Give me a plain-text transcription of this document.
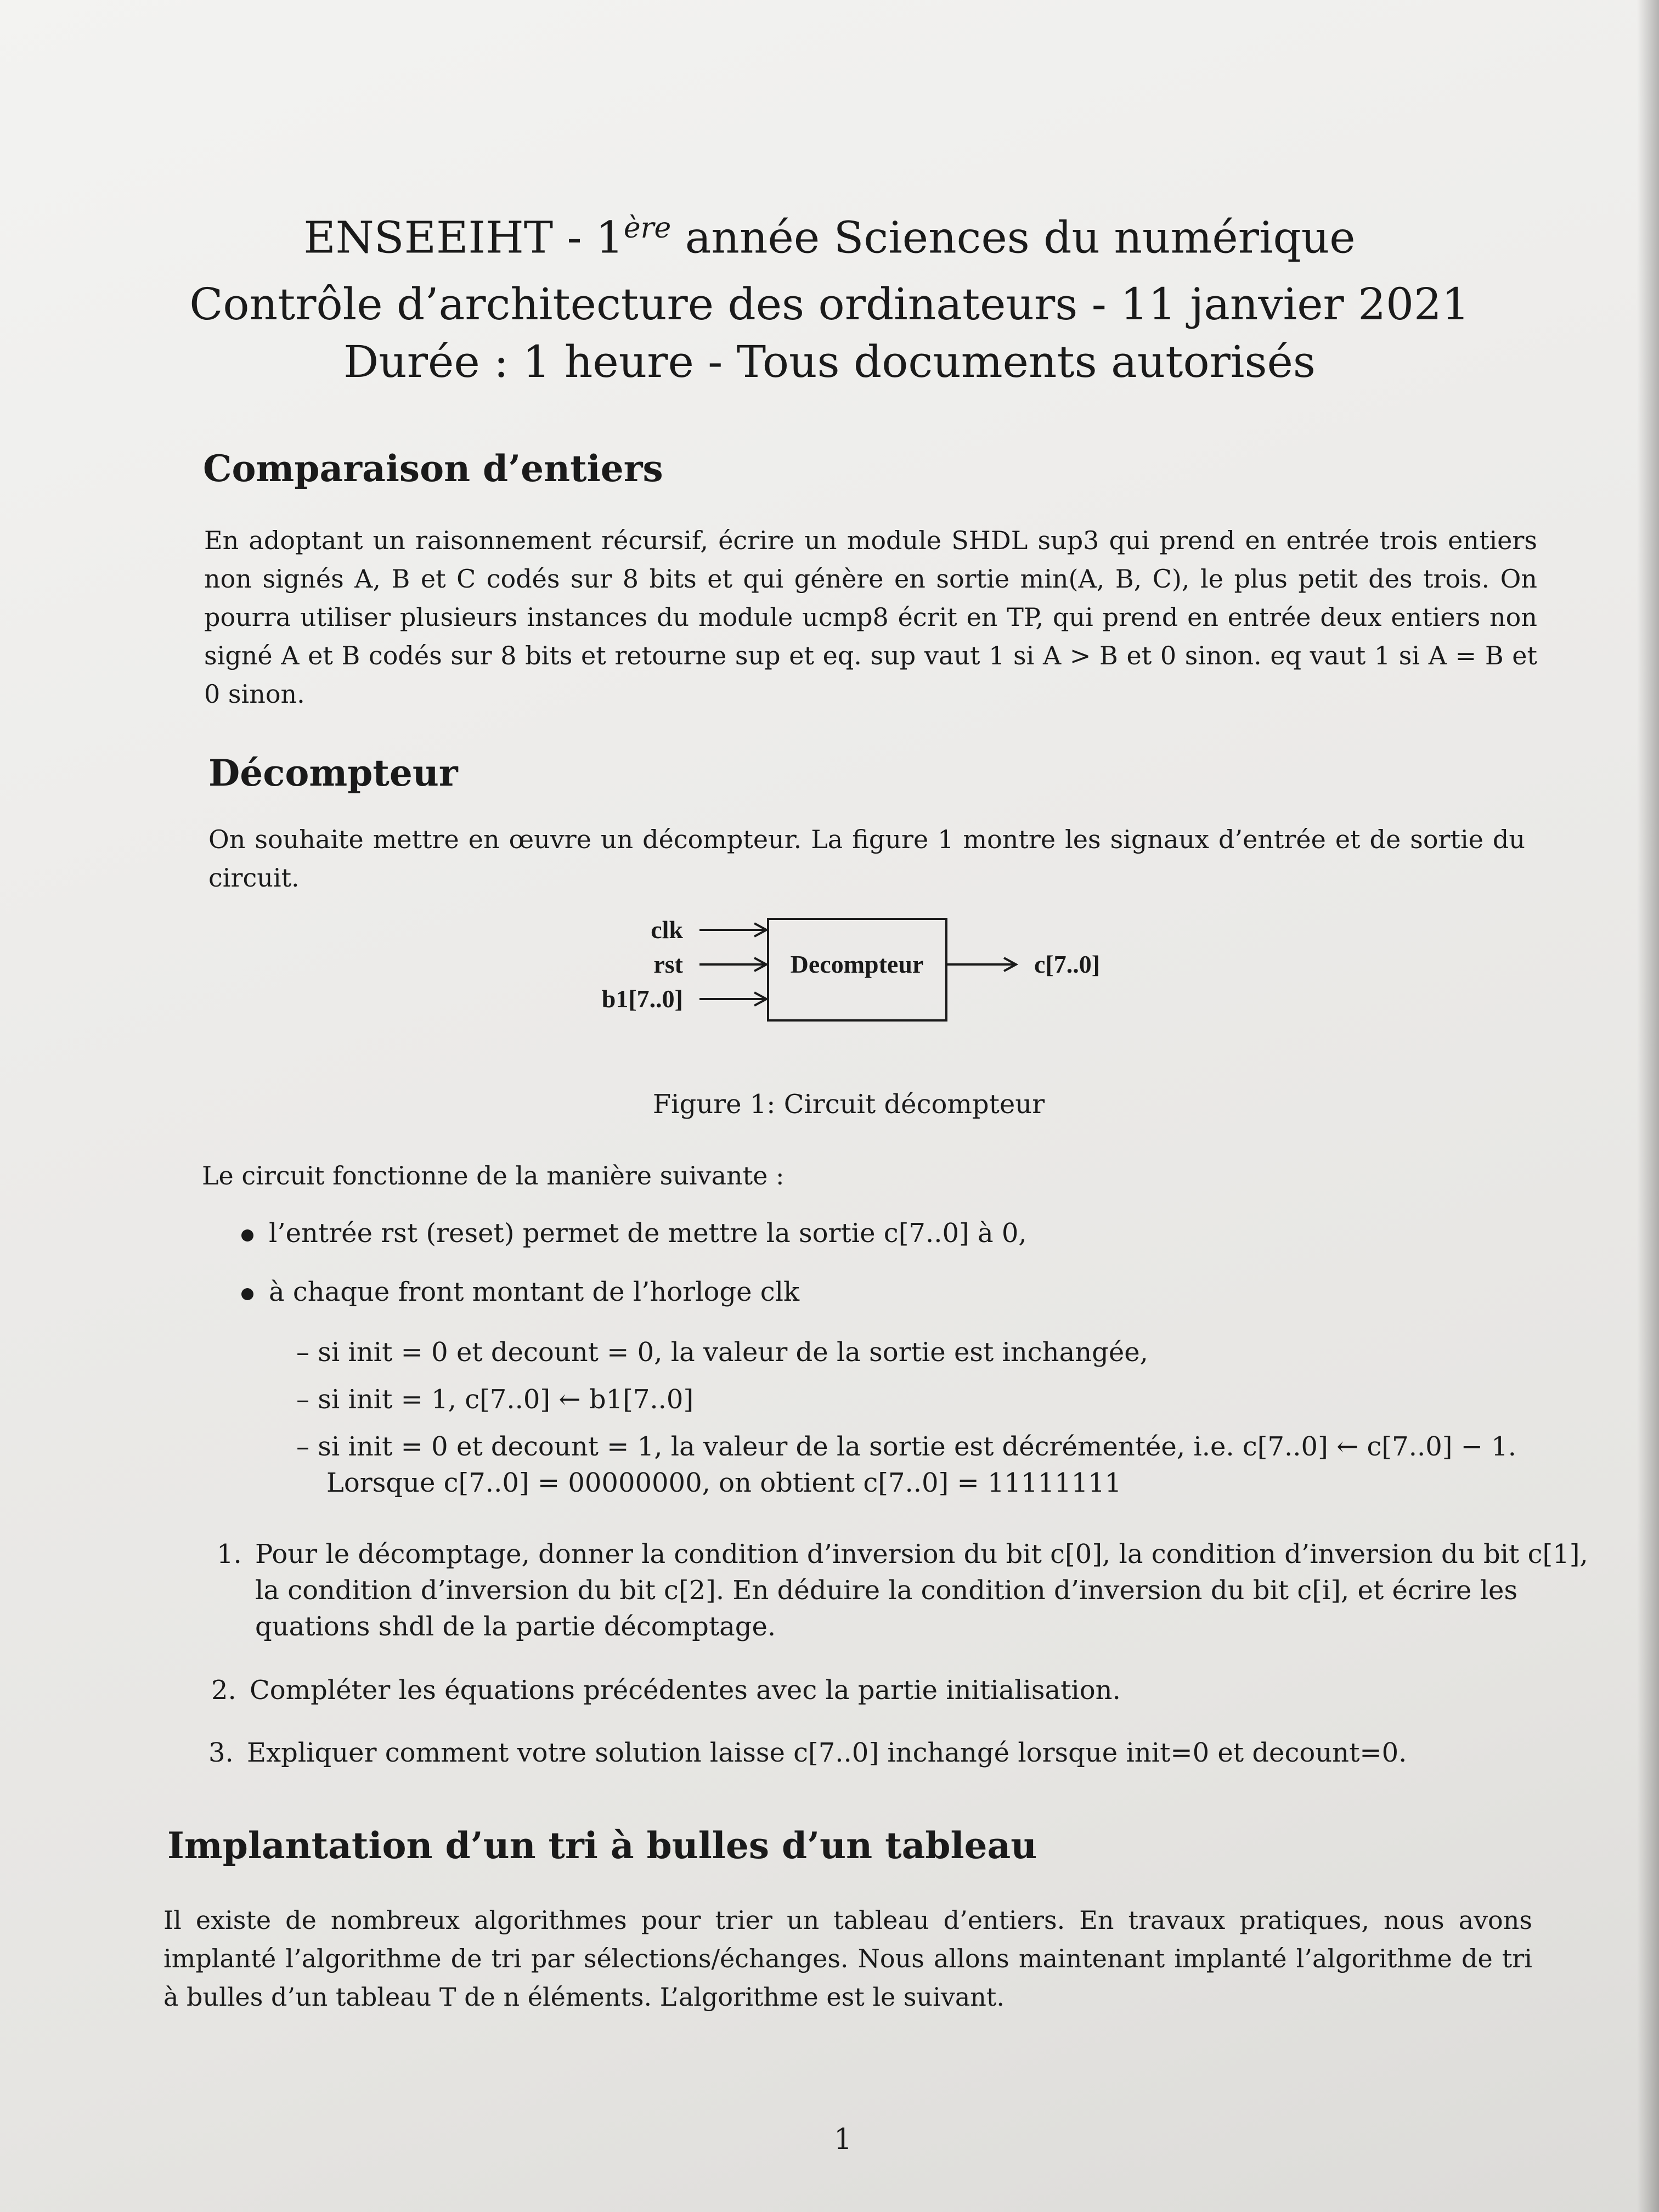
ENSEEIHT - 1ère année Sciences du numérique
Contrôle d’architecture des ordinateurs - 11 janvier 2021
Durée : 1 heure - Tous documents autorisés
Comparaison d’entiers
En adoptant un raisonnement récursif, écrire un module SHDL sup3 qui prend en entrée trois entiers non signés A, B et C codés sur 8 bits et qui génère en sortie min(A, B, C), le plus petit des trois. On pourra utiliser plusieurs instances du module ucmp8 écrit en TP, qui prend en entrée deux entiers non signé A et B codés sur 8 bits et retourne sup et eq. sup vaut 1 si A > B et 0 sinon. eq vaut 1 si A = B et 0 sinon.
Décompteur
On souhaite mettre en œuvre un décompteur. La figure 1 montre les signaux d’entrée et de sortie du circuit.
clk
rst
b1[7..0]
Decompteur	c[7..0]
Figure 1: Circuit décompteur
Le circuit fonctionne de la manière suivante :
l’entrée rst (reset) permet de mettre la sortie c[7..0] à 0,
à chaque front montant de l’horloge clk
– si init = 0 et decount = 0, la valeur de la sortie est inchangée,
– si init = 1, c[7..0] ← b1[7..0]
– si init = 0 et decount = 1, la valeur de la sortie est décrémentée, i.e. c[7..0] ← c[7..0] − 1.
Lorsque c[7..0] = 00000000, on obtient c[7..0] = 11111111
1. Pour le décomptage, donner la condition d’inversion du bit c[0], la condition d’inversion du bit c[1],
la condition d’inversion du bit c[2]. En déduire la condition d’inversion du bit c[i], et écrire les
quations shdl de la partie décomptage.
2. Compléter les équations précédentes avec la partie initialisation.
3. Expliquer comment votre solution laisse c[7..0] inchangé lorsque init=0 et decount=0.
Implantation d’un tri à bulles d’un tableau
Il existe de nombreux algorithmes pour trier un tableau d’entiers. En travaux pratiques, nous avons implanté l’algorithme de tri par sélections/échanges. Nous allons maintenant implanté l’algorithme de tri à bulles d’un tableau T de n éléments. L’algorithme est le suivant.
1
